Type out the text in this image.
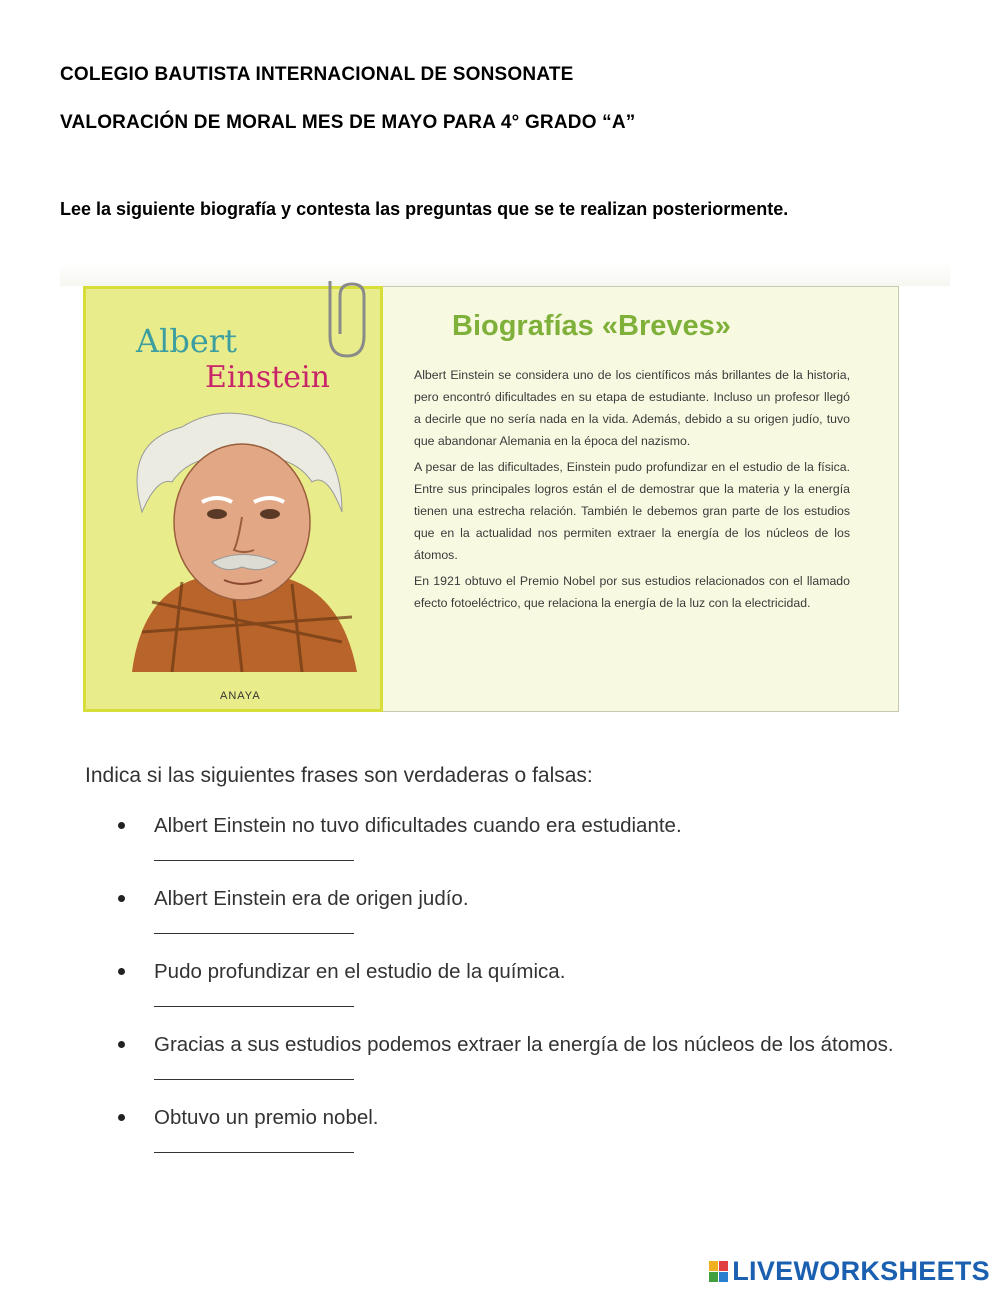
COLEGIO BAUTISTA INTERNACIONAL DE SONSONATE
VALORACIÓN DE MORAL MES DE MAYO PARA 4° GRADO “A”
Lee la siguiente biografía y contesta las preguntas que se te realizan posteriormente.
Albert
Einstein
ANAYA
Biografías «Breves»

Albert Einstein se considera uno de los científicos más brillantes de la historia, pero encontró dificultades en su etapa de estudiante. Incluso un profesor llegó a decirle que no sería nada en la vida. Además, debido a su origen judío, tuvo que abandonar Alemania en la época del nazismo.

A pesar de las dificultades, Einstein pudo profundizar en el estudio de la física. Entre sus principales logros están el de demostrar que la materia y la energía tienen una estrecha relación. También le debemos gran parte de los estudios que en la actualidad nos permiten extraer la energía de los núcleos de los átomos.

En 1921 obtuvo el Premio Nobel por sus estudios relacionados con el llamado efecto fotoeléctrico, que relaciona la energía de la luz con la electricidad.

Indica si las siguientes frases son verdaderas o falsas:
Albert Einstein no tuvo dificultades cuando era estudiante.
Albert Einstein era de origen judío.
Pudo profundizar en el estudio de la química.
Gracias a sus estudios podemos extraer la energía de los núcleos de los átomos.
Obtuvo un premio nobel.
LIVEWORKSHEETS
